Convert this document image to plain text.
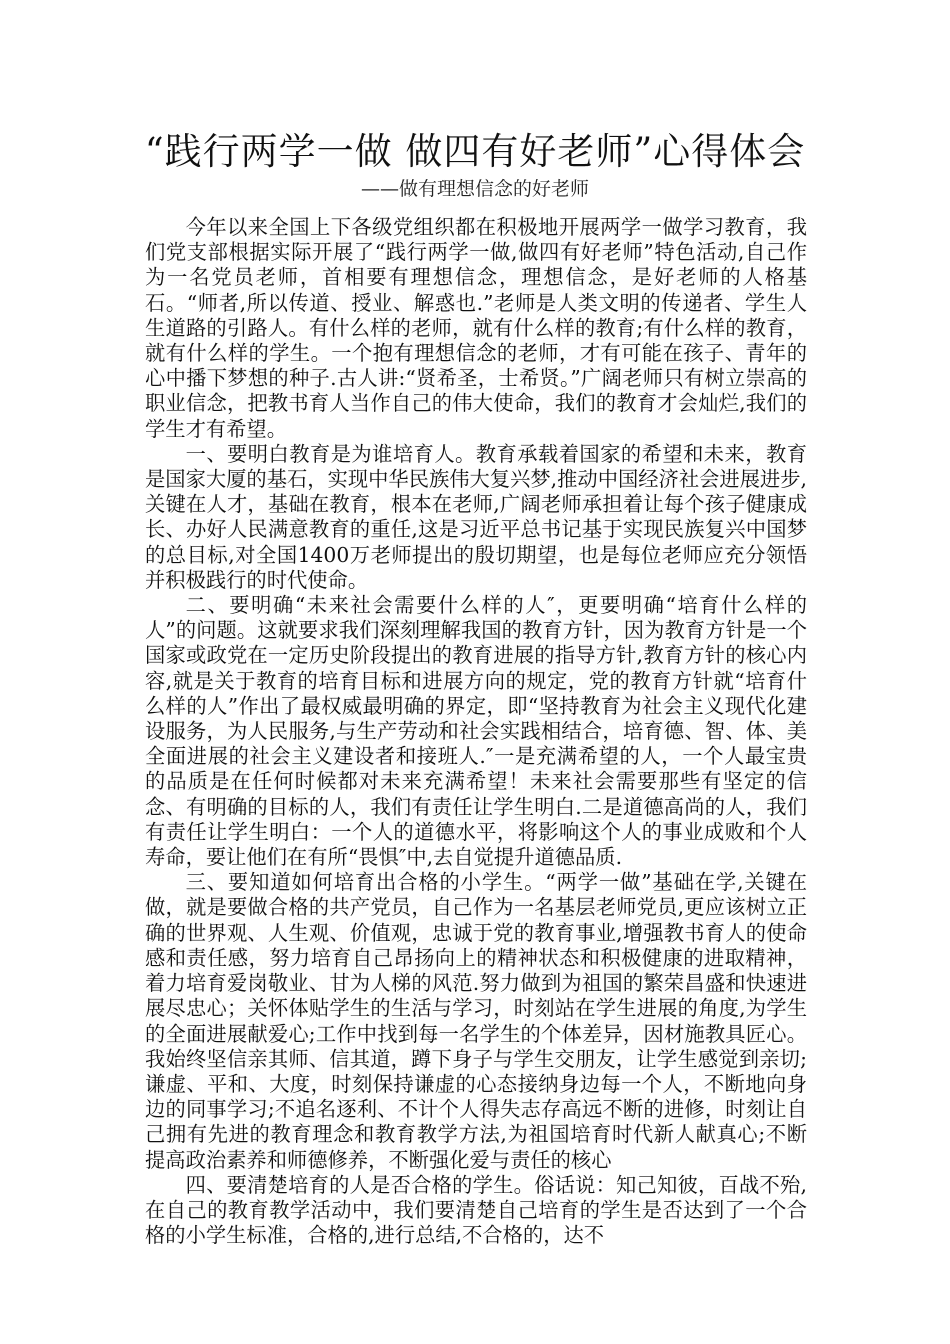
“践行两学一做 做四有好老师”心得体会
——做有理想信念的好老师

今年以来全国上下各级党组织都在积极地开展两学一做学习教育，我们党支部根据实际开展了“践行两学一做,做四有好老师”特色活动,自己作为一名党员老师，首相要有理想信念，理想信念，是好老师的人格基石。“师者,所以传道、授业、解惑也.”老师是人类文明的传递者、学生人生道路的引路人。有什么样的老师，就有什么样的教育;有什么样的教育，就有什么样的学生。一个抱有理想信念的老师，才有可能在孩子、青年的心中播下梦想的种子.古人讲:“贤希圣，士希贤。”广阔老师只有树立崇高的职业信念，把教书育人当作自己的伟大使命，我们的教育才会灿烂,我们的学生才有希望。

一、要明白教育是为谁培育人。教育承载着国家的希望和未来，教育是国家大厦的基石，实现中华民族伟大复兴梦,推动中国经济社会进展进步,关键在人才，基础在教育，根本在老师,广阔老师承担着让每个孩子健康成长、办好人民满意教育的重任,这是习近平总书记基于实现民族复兴中国梦的总目标,对全国1400万老师提出的殷切期望，也是每位老师应充分领悟并积极践行的时代使命。

二、要明确“未来社会需要什么样的人″，更要明确“培育什么样的人”的问题。这就要求我们深刻理解我国的教育方针，因为教育方针是一个国家或政党在一定历史阶段提出的教育进展的指导方针,教育方针的核心内容,就是关于教育的培育目标和进展方向的规定，党的教育方针就“培育什么样的人”作出了最权威最明确的界定，即“坚持教育为社会主义现代化建设服务，为人民服务,与生产劳动和社会实践相结合，培育德、智、体、美全面进展的社会主义建设者和接班人.″一是充满希望的人，一个人最宝贵的品质是在任何时候都对未来充满希望！未来社会需要那些有坚定的信念、有明确的目标的人，我们有责任让学生明白.二是道德高尚的人，我们有责任让学生明白：一个人的道德水平，将影响这个人的事业成败和个人寿命，要让他们在有所“畏惧″中,去自觉提升道德品质.

三、要知道如何培育出合格的小学生。“两学一做”基础在学,关键在做，就是要做合格的共产党员，自己作为一名基层老师党员,更应该树立正确的世界观、人生观、价值观，忠诚于党的教育事业,增强教书育人的使命感和责任感，努力培育自己昂扬向上的精神状态和积极健康的进取精神，着力培育爱岗敬业、甘为人梯的风范.努力做到为祖国的繁荣昌盛和快速进展尽忠心；关怀体贴学生的生活与学习，时刻站在学生进展的角度,为学生的全面进展献爱心;工作中找到每一名学生的个体差异，因材施教具匠心。我始终坚信亲其师、信其道，蹲下身子与学生交朋友，让学生感觉到亲切;谦虚、平和、大度，时刻保持谦虚的心态接纳身边每一个人，不断地向身边的同事学习;不追名逐利、不计个人得失志存高远不断的进修，时刻让自己拥有先进的教育理念和教育教学方法,为祖国培育时代新人献真心;不断提高政治素养和师德修养，不断强化爱与责任的核心

四、要清楚培育的人是否合格的学生。俗话说：知己知彼，百战不殆,在自己的教育教学活动中，我们要清楚自己培育的学生是否达到了一个合格的小学生标准，合格的,进行总结,不合格的，达不
